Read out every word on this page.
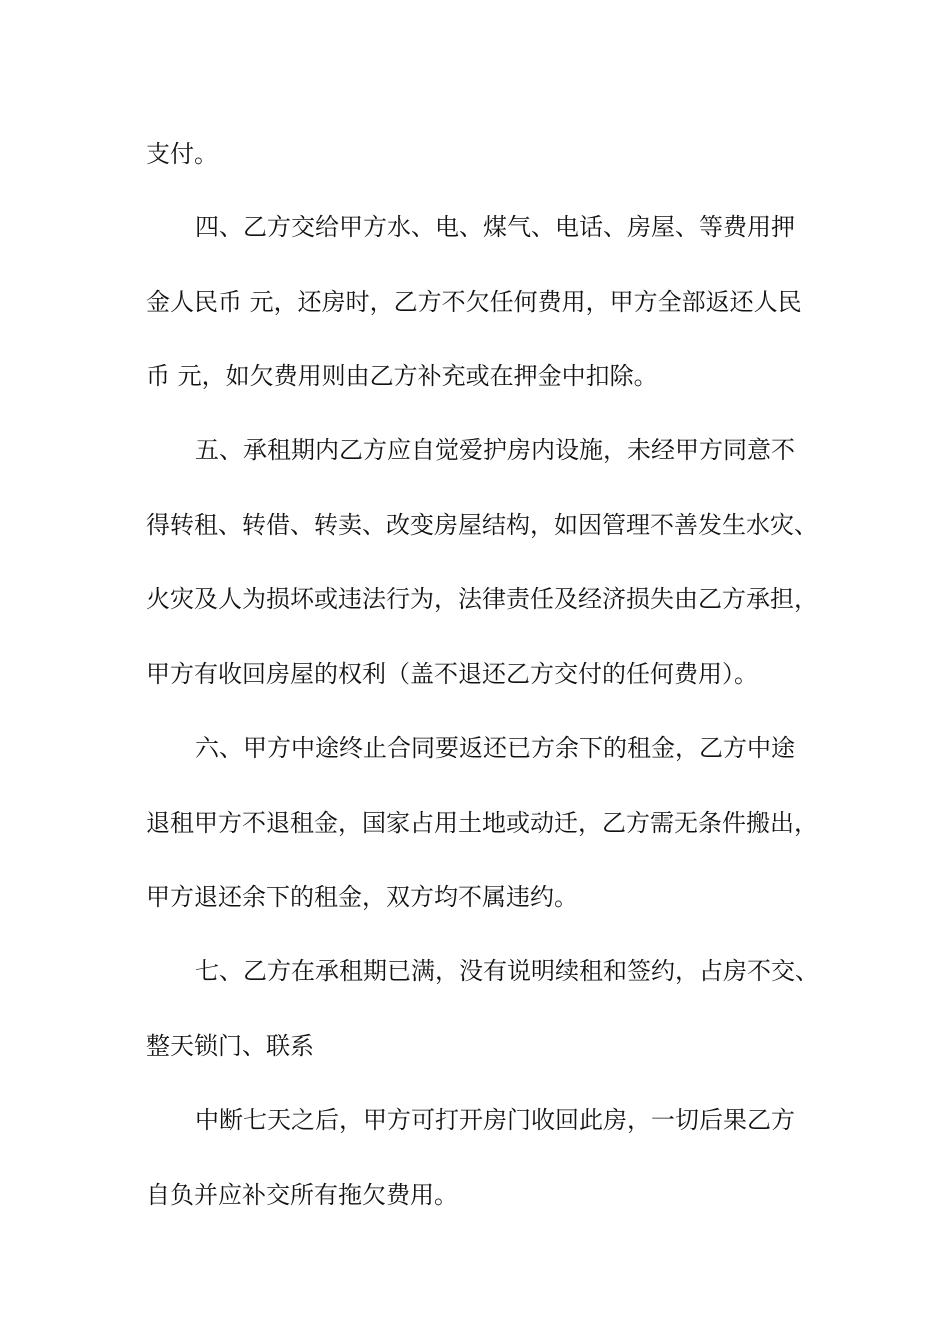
支付。
四、乙方交给甲方水、电、煤气、电话、房屋、等费用押
金人民币 元，还房时，乙方不欠任何费用，甲方全部返还人民
币 元，如欠费用则由乙方补充或在押金中扣除。
五、承租期内乙方应自觉爱护房内设施，未经甲方同意不
得转租、转借、转卖、改变房屋结构，如因管理不善发生水灾、
火灾及人为损坏或违法行为，法律责任及经济损失由乙方承担，
甲方有收回房屋的权利（盖不退还乙方交付的任何费用）。
六、甲方中途终止合同要返还已方余下的租金，乙方中途
退租甲方不退租金，国家占用土地或动迁，乙方需无条件搬出，
甲方退还余下的租金，双方均不属违约。
七、乙方在承租期已满，没有说明续租和签约，占房不交、
整天锁门、联系
中断七天之后，甲方可打开房门收回此房，一切后果乙方
自负并应补交所有拖欠费用。
